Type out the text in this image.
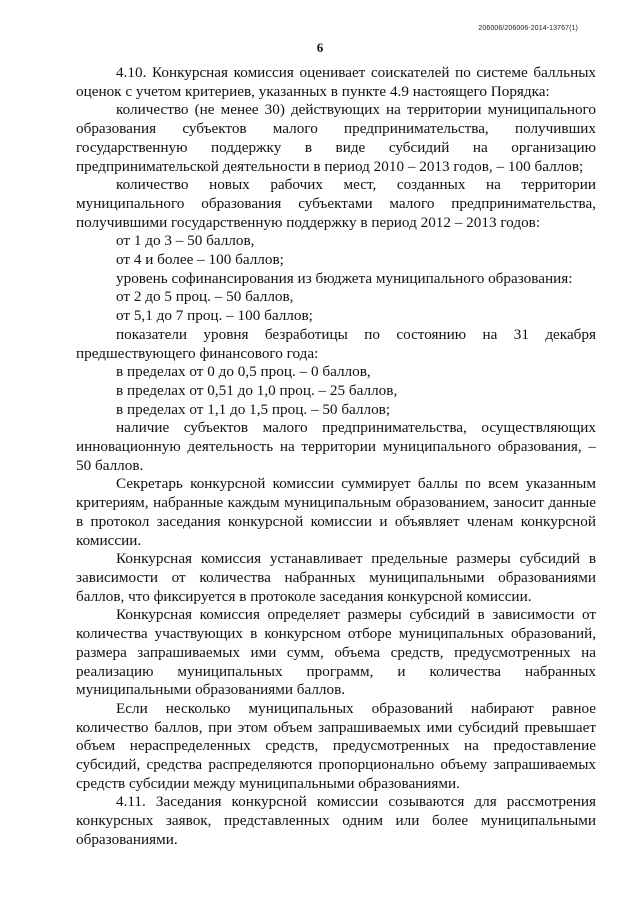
206006/206006-2014-13767(1)
6

4.10. Конкурсная комиссия оценивает соискателей по системе балльных оценок с учетом критериев, указанных в пункте 4.9 настоящего Порядка:

количество (не менее 30) действующих на территории муниципального образования субъектов малого предпринимательства, получивших государственную поддержку в виде субсидий на организацию предпринимательской деятельности в период 2010 – 2013 годов, – 100 баллов;

количество новых рабочих мест, созданных на территории муниципального образования субъектами малого предпринимательства, получившими государственную поддержку в период 2012 – 2013 годов:

от 1 до 3 – 50 баллов,

от 4 и более – 100 баллов;

уровень софинансирования из бюджета муниципального образования:

от 2 до 5 проц. – 50 баллов,

от 5,1 до 7 проц. – 100 баллов;

показатели уровня безработицы по состоянию на 31 декабря предшествующего финансового года:

в пределах от 0 до 0,5 проц. – 0 баллов,

в пределах от 0,51 до 1,0 проц. – 25 баллов,

в пределах от 1,1 до 1,5 проц. – 50 баллов;

наличие субъектов малого предпринимательства, осуществляющих инновационную деятельность на территории муниципального образования, – 50 баллов.

Секретарь конкурсной комиссии суммирует баллы по всем указанным критериям, набранные каждым муниципальным образованием, заносит данные в протокол заседания конкурсной комиссии и объявляет членам конкурсной комиссии.

Конкурсная комиссия устанавливает предельные размеры субсидий в зависимости от количества набранных муниципальными образованиями баллов, что фиксируется в протоколе заседания конкурсной комиссии.

Конкурсная комиссия определяет размеры субсидий в зависимости от количества участвующих в конкурсном отборе муниципальных образований, размера запрашиваемых ими сумм, объема средств, предусмотренных на реализацию муниципальных программ, и количества набранных муниципальными образованиями баллов.

Если несколько муниципальных образований набирают равное количество баллов, при этом объем запрашиваемых ими субсидий превышает объем нераспределенных средств, предусмотренных на предоставление субсидий, средства распределяются пропорционально объему запрашиваемых средств субсидии между муниципальными образованиями.

4.11. Заседания конкурсной комиссии созываются для рассмотрения конкурсных заявок, представленных одним или более муниципальными образованиями.
